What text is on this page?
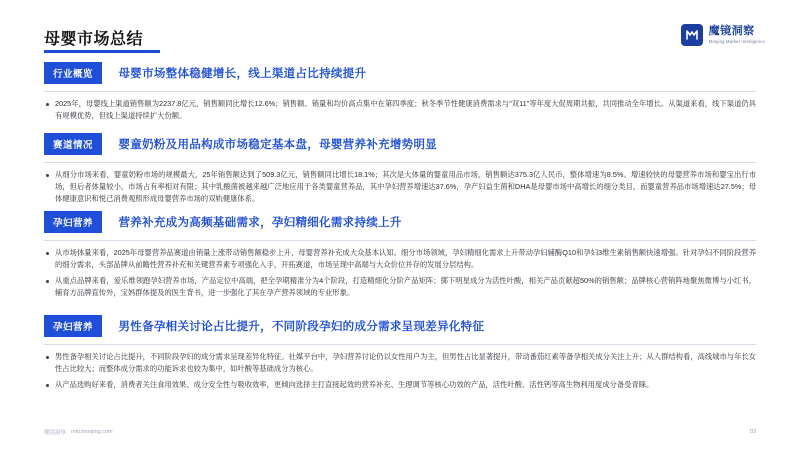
母婴市场总结	魔镜洞察
Moojing Market Intelligence
行业概览 母婴市场整体稳健增长，线上渠道占比持续提升
2025年，母婴线上渠道销售额为2237.8亿元，销售额同比增长12.6%；销售额、销量和均价高点集中在第四季度；秋冬季节性健康消费需求与"双11"等年度大促周期共振，共同推动全年增长。从渠道来看，线下渠道仍具有规模优势，但线上渠道持续扩大份额。
赛道情况 婴童奶粉及用品构成市场稳定基本盘，母婴营养补充增势明显
从细分市场来看，婴童奶粉市场的规模最大，25年销售额达到了509.3亿元，销售额同比增长18.1%；其次是大体量的婴童用品市场，销售额达375.3亿人民币，整体增速为8.5%。增速较快的母婴营养市场和婴宝出行市场，但后者体量较小，市场占有率相对有限；其中乳酸菌被越来越广泛地应用于各类婴童营养品，其中孕妇营养增速达37.6%，孕产妇益生菌和DHA是母婴市场中高增长的细分类目，而婴童营养品市场增速达27.5%；母体健康意识和悦己消费观照形成母婴营养市场的双轨健康体系。
孕妇营养 营养补充成为高频基础需求，孕妇精细化需求持续上升
从市场体量来看，2025年母婴营养品赛道由销量上涨带动销售额稳步上升，母婴营养补充成大众基本认知。细分市场领域，孕妇精细化需求上升带动孕妇辅酶Q10和孕妇3维生素销售额快速增强。针对孕妇不同阶段营养的细分需求，头部品牌从前瞻性营养补充和关键营养素专项强化入手，开拓赛道，市场呈现中高端与大众价位并存的发展分层结构。
从重点品牌来看，爱乐维领跑孕妇营养市场，产品定位中高端，把全孕期精准分为4个阶段，打造精细化分阶产品矩阵；掷下明星成分为活性叶酸，相关产品贡献超50%的销售额；品牌核心营销阵地聚焦微博与小红书，辅育方品牌直传外，宝妈群体提及的医生背书，进一步强化了其在孕产营养领域的专业形象。
孕妇营养 男性备孕相关讨论占比提升，不同阶段孕妇的成分需求呈现差异化特征
男性备孕相关讨论占比提升，不同阶段孕妇的成分需求呈现差异化特征。社媒平台中，孕妇营养讨论仍以女性用户为主，但男性占比显著提升，带动番茄红素等备孕相关成分关注上升；从人群结构看，高线城市与年长女性占比较大；而整体成分需求的功能诉求也较为集中，如叶酸等基础成分为核心。
从产品选购好来看，消费者关注食用效果、成分安全性与吸收效率，更倾向选择主打直接起效的营养补充、生理调节等核心功效的产品，活性叶酸、活性钙等高生物利用度成分备受青睐。
魔镜洞察 mkt.moojing.com	03
